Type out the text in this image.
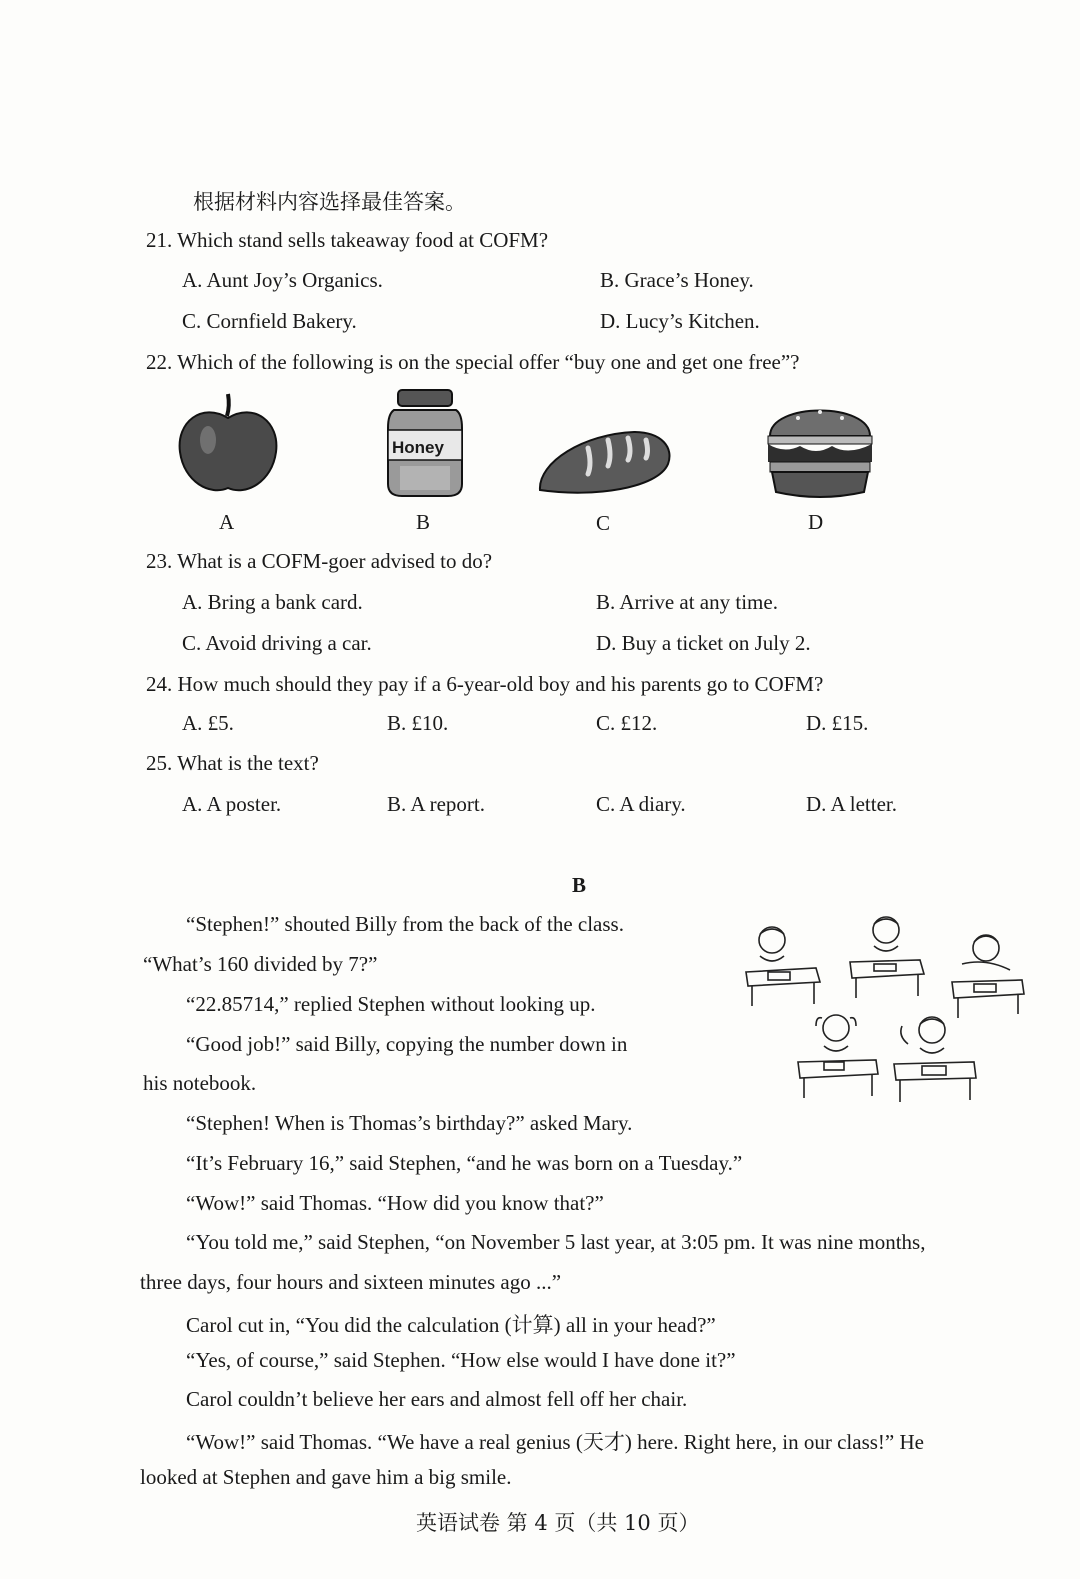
根据材料内容选择最佳答案。
21. Which stand sells takeaway food at COFM?
A. Aunt Joy’s Organics.	B. Grace’s Honey.
C. Cornfield Bakery.	D. Lucy’s Kitchen.
22. Which of the following is on the special offer “buy one and get one free”?
A
Honey
B	C	D
23. What is a COFM-goer advised to do?
A. Bring a bank card.	B. Arrive at any time.
C. Avoid driving a car.	D. Buy a ticket on July 2.
24. How much should they pay if a 6-year-old boy and his parents go to COFM?
A. £5.	B. £10.	C. £12.	D. £15.
25. What is the text?
A. A poster.	B. A report.	C. A diary.	D. A letter.
B

“Stephen!” shouted Billy from the back of the class.

“What’s 160 divided by 7?”

“22.85714,” replied Stephen without looking up.

“Good job!” said Billy, copying the number down in

his notebook.

“Stephen! When is Thomas’s birthday?” asked Mary.

“It’s February 16,” said Stephen, “and he was born on a Tuesday.”

“Wow!” said Thomas. “How did you know that?”

“You told me,” said Stephen, “on November 5 last year, at 3:05 pm. It was nine months,

three days, four hours and sixteen minutes ago ...”

Carol cut in, “You did the calculation (计算) all in your head?”

“Yes, of course,” said Stephen. “How else would I have done it?”

Carol couldn’t believe her ears and almost fell off her chair.

“Wow!” said Thomas. “We have a real genius (天才) here. Right here, in our class!” He

looked at Stephen and gave him a big smile.

英语试卷 第 4 页（共 10 页）
